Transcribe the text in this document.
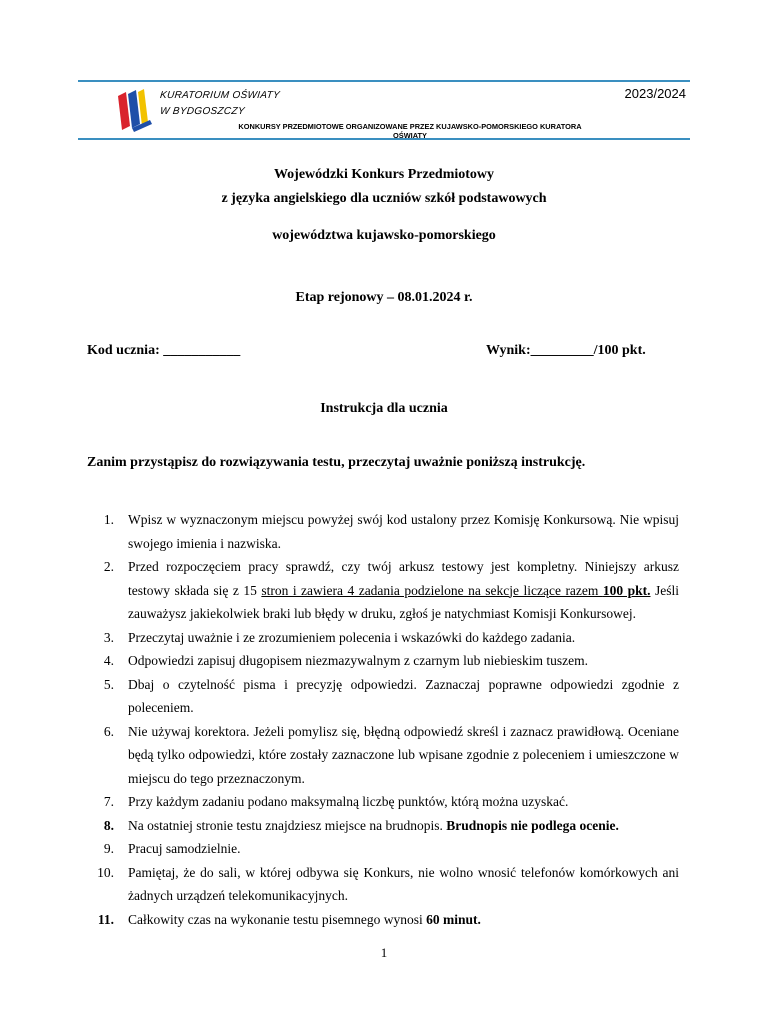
KURATORIUM OŚWIATY
W BYDGOSZCZY
2023/2024
KONKURSY PRZEDMIOTOWE ORGANIZOWANE PRZEZ KUJAWSKO-POMORSKIEGO KURATORA
OŚWIATY
Wojewódzki Konkurs Przedmiotowy
z języka angielskiego dla uczniów szkół podstawowych
województwa kujawsko-pomorskiego
Etap rejonowy – 08.01.2024 r.
Kod ucznia: ___________	Wynik:_________/100 pkt.
Instrukcja dla ucznia
Zanim przystąpisz do rozwiązywania testu, przeczytaj uważnie poniższą instrukcję.
1. Wpisz w wyznaczonym miejscu powyżej swój kod ustalony przez Komisję Konkursową. Nie wpisuj swojego imienia i nazwiska.
2. Przed rozpoczęciem pracy sprawdź, czy twój arkusz testowy jest kompletny. Niniejszy arkusz testowy składa się z 15 stron i zawiera 4 zadania podzielone na sekcje liczące razem 100 pkt. Jeśli zauważysz jakiekolwiek braki lub błędy w druku, zgłoś je natychmiast Komisji Konkursowej.
3. Przeczytaj uważnie i ze zrozumieniem polecenia i wskazówki do każdego zadania.
4. Odpowiedzi zapisuj długopisem niezmazywalnym z czarnym lub niebieskim tuszem.
5. Dbaj o czytelność pisma i precyzję odpowiedzi. Zaznaczaj poprawne odpowiedzi zgodnie z poleceniem.
6. Nie używaj korektora. Jeżeli pomylisz się, błędną odpowiedź skreśl i zaznacz prawidłową. Oceniane będą tylko odpowiedzi, które zostały zaznaczone lub wpisane zgodnie z poleceniem i umieszczone w miejscu do tego przeznaczonym.
7. Przy każdym zadaniu podano maksymalną liczbę punktów, którą można uzyskać.
8. Na ostatniej stronie testu znajdziesz miejsce na brudnopis. Brudnopis nie podlega ocenie.
9. Pracuj samodzielnie.
10. Pamiętaj, że do sali, w której odbywa się Konkurs, nie wolno wnosić telefonów komórkowych ani żadnych urządzeń telekomunikacyjnych.
11. Całkowity czas na wykonanie testu pisemnego wynosi 60 minut.
1
